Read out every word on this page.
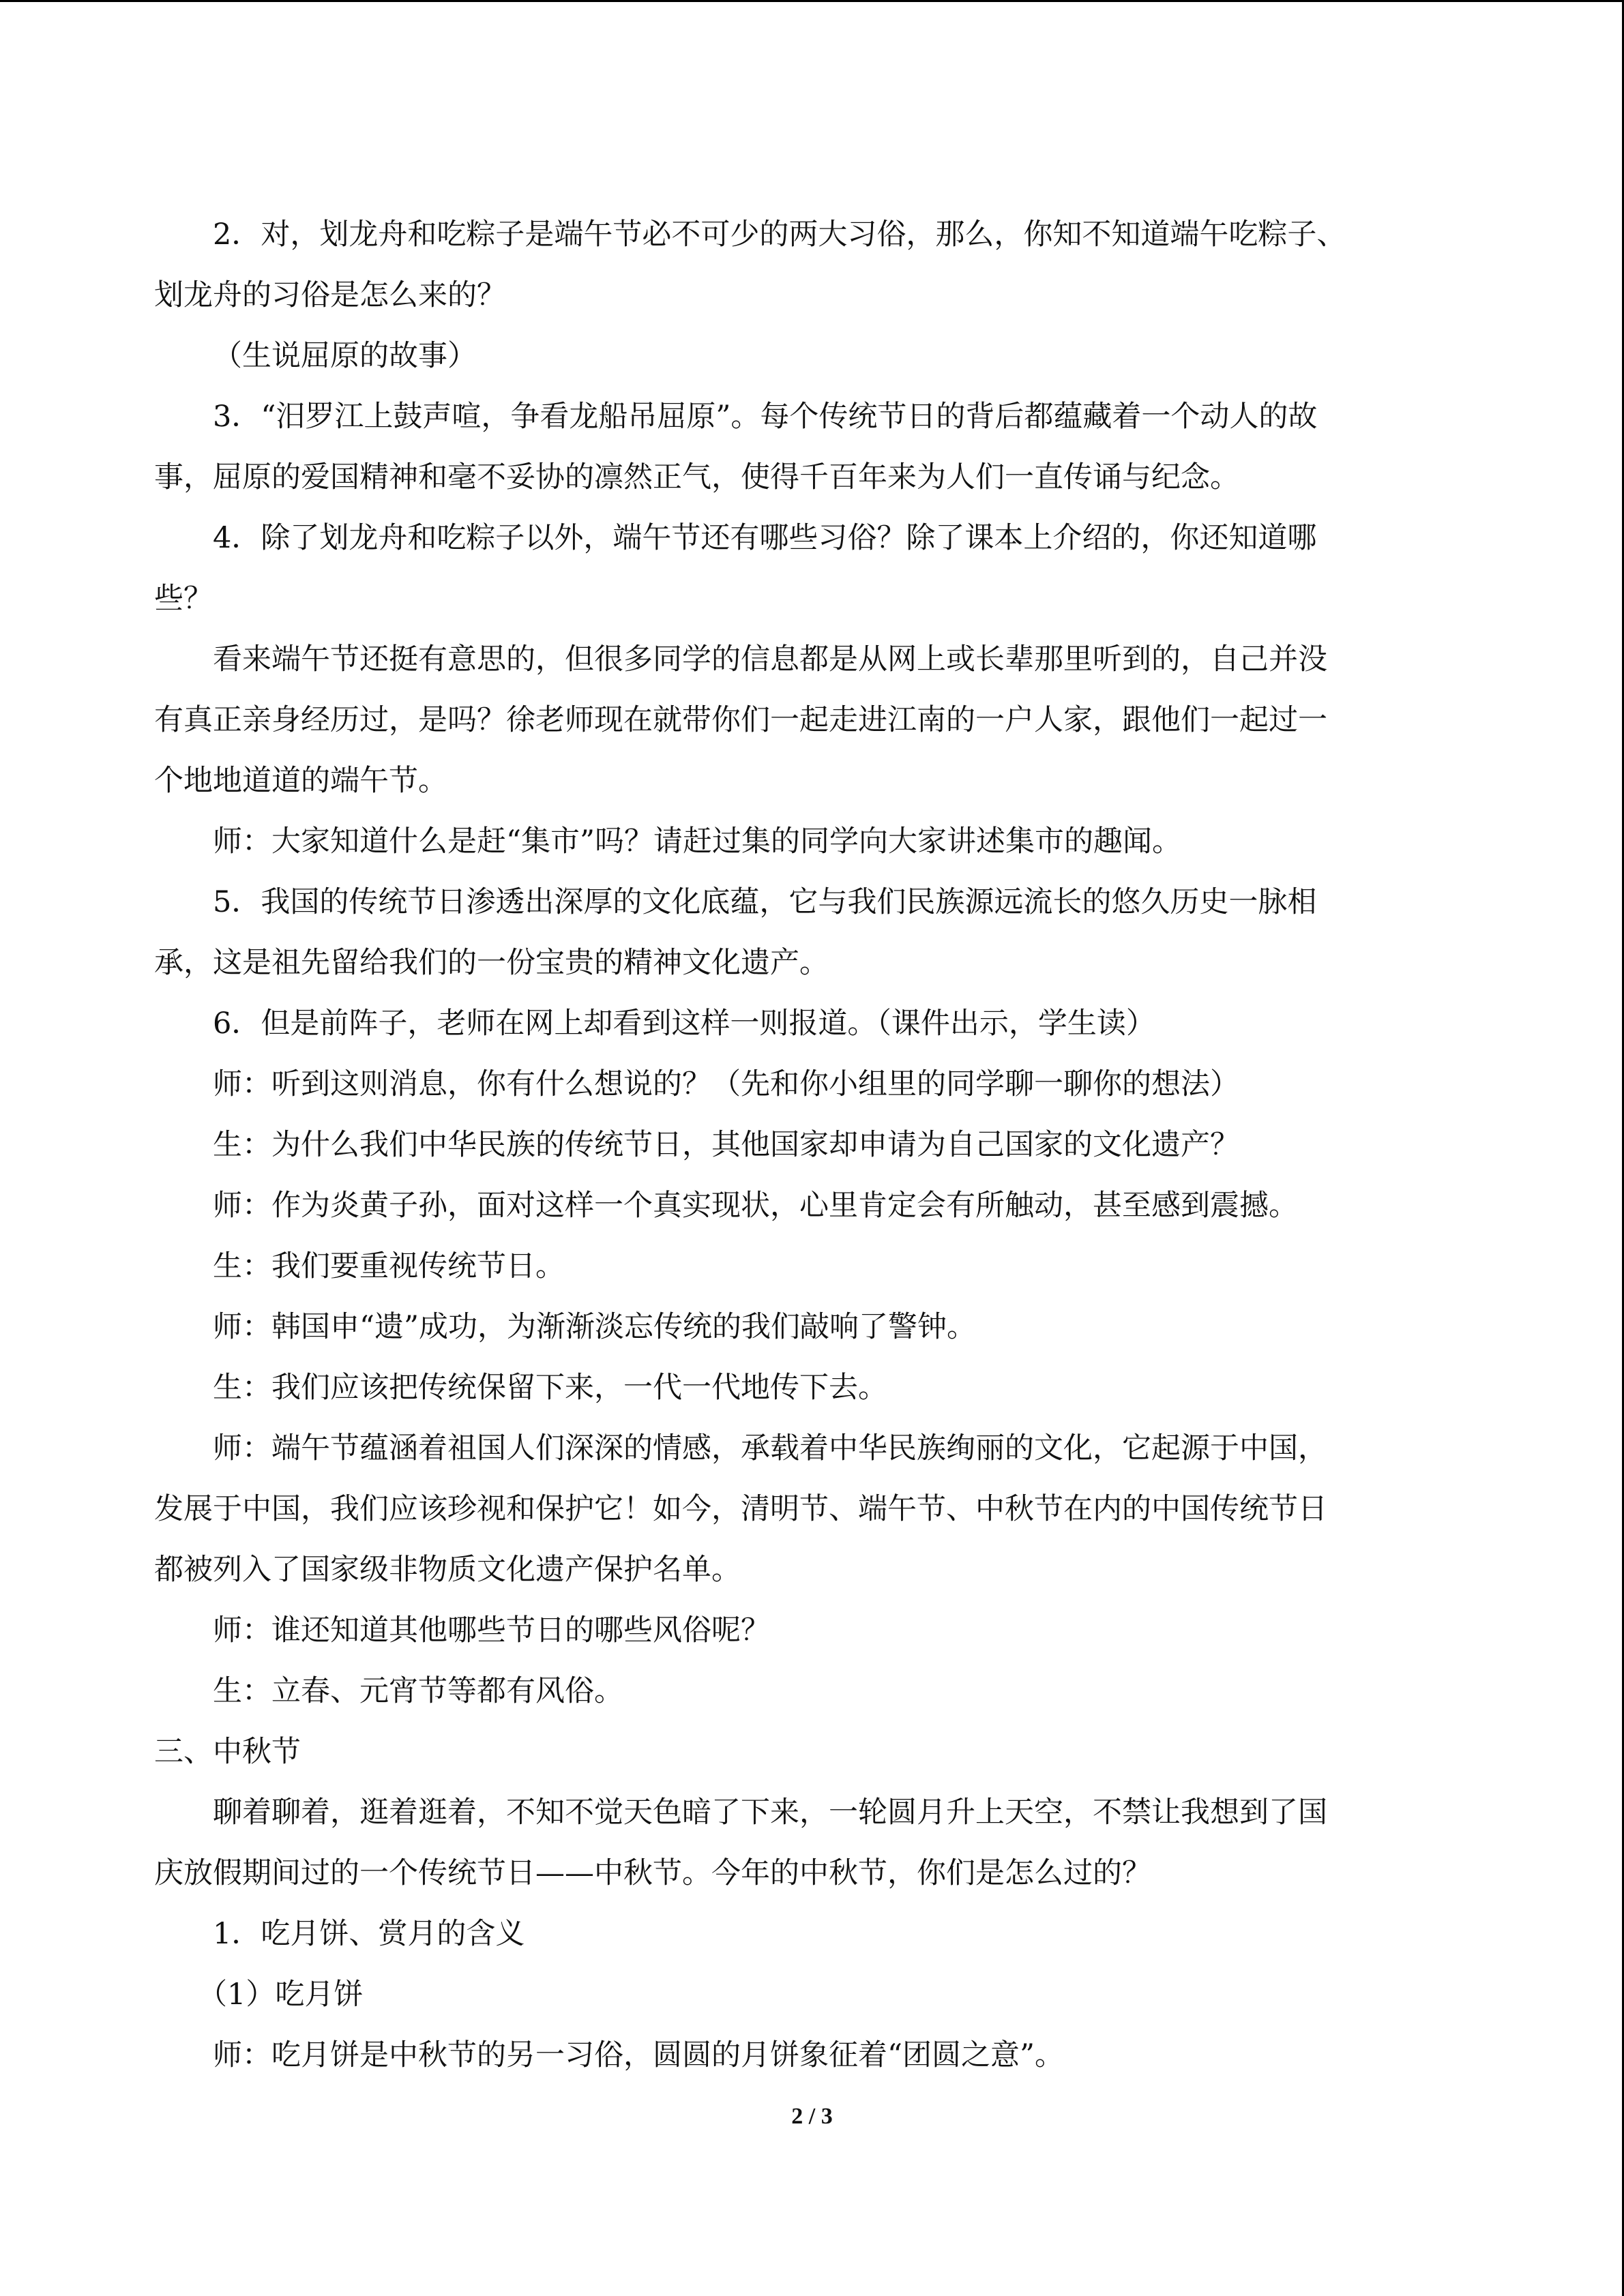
2．对，划龙舟和吃粽子是端午节必不可少的两大习俗，那么，你知不知道端午吃粽子、
划龙舟的习俗是怎么来的？
（生说屈原的故事）
3．“汨罗江上鼓声喧，争看龙船吊屈原”。每个传统节日的背后都蕴藏着一个动人的故
事，屈原的爱国精神和毫不妥协的凛然正气，使得千百年来为人们一直传诵与纪念。
4．除了划龙舟和吃粽子以外，端午节还有哪些习俗？除了课本上介绍的，你还知道哪
些？
看来端午节还挺有意思的，但很多同学的信息都是从网上或长辈那里听到的，自己并没
有真正亲身经历过，是吗？徐老师现在就带你们一起走进江南的一户人家，跟他们一起过一
个地地道道的端午节。
师：大家知道什么是赶“集市”吗？请赶过集的同学向大家讲述集市的趣闻。
5．我国的传统节日渗透出深厚的文化底蕴，它与我们民族源远流长的悠久历史一脉相
承，这是祖先留给我们的一份宝贵的精神文化遗产。
6．但是前阵子，老师在网上却看到这样一则报道。（课件出示，学生读）
师：听到这则消息，你有什么想说的？（先和你小组里的同学聊一聊你的想法）
生：为什么我们中华民族的传统节日，其他国家却申请为自己国家的文化遗产？
师：作为炎黄子孙，面对这样一个真实现状，心里肯定会有所触动，甚至感到震撼。
生：我们要重视传统节日。
师：韩国申“遗”成功，为渐渐淡忘传统的我们敲响了警钟。
生：我们应该把传统保留下来，一代一代地传下去。
师：端午节蕴涵着祖国人们深深的情感，承载着中华民族绚丽的文化，它起源于中国，
发展于中国，我们应该珍视和保护它！如今，清明节、端午节、中秋节在内的中国传统节日
都被列入了国家级非物质文化遗产保护名单。
师：谁还知道其他哪些节日的哪些风俗呢？
生：立春、元宵节等都有风俗。
三、中秋节
聊着聊着，逛着逛着，不知不觉天色暗了下来，一轮圆月升上天空，不禁让我想到了国
庆放假期间过的一个传统节日——中秋节。今年的中秋节，你们是怎么过的？
1．吃月饼、赏月的含义
（1）吃月饼
师：吃月饼是中秋节的另一习俗，圆圆的月饼象征着“团圆之意”。
2 / 3
